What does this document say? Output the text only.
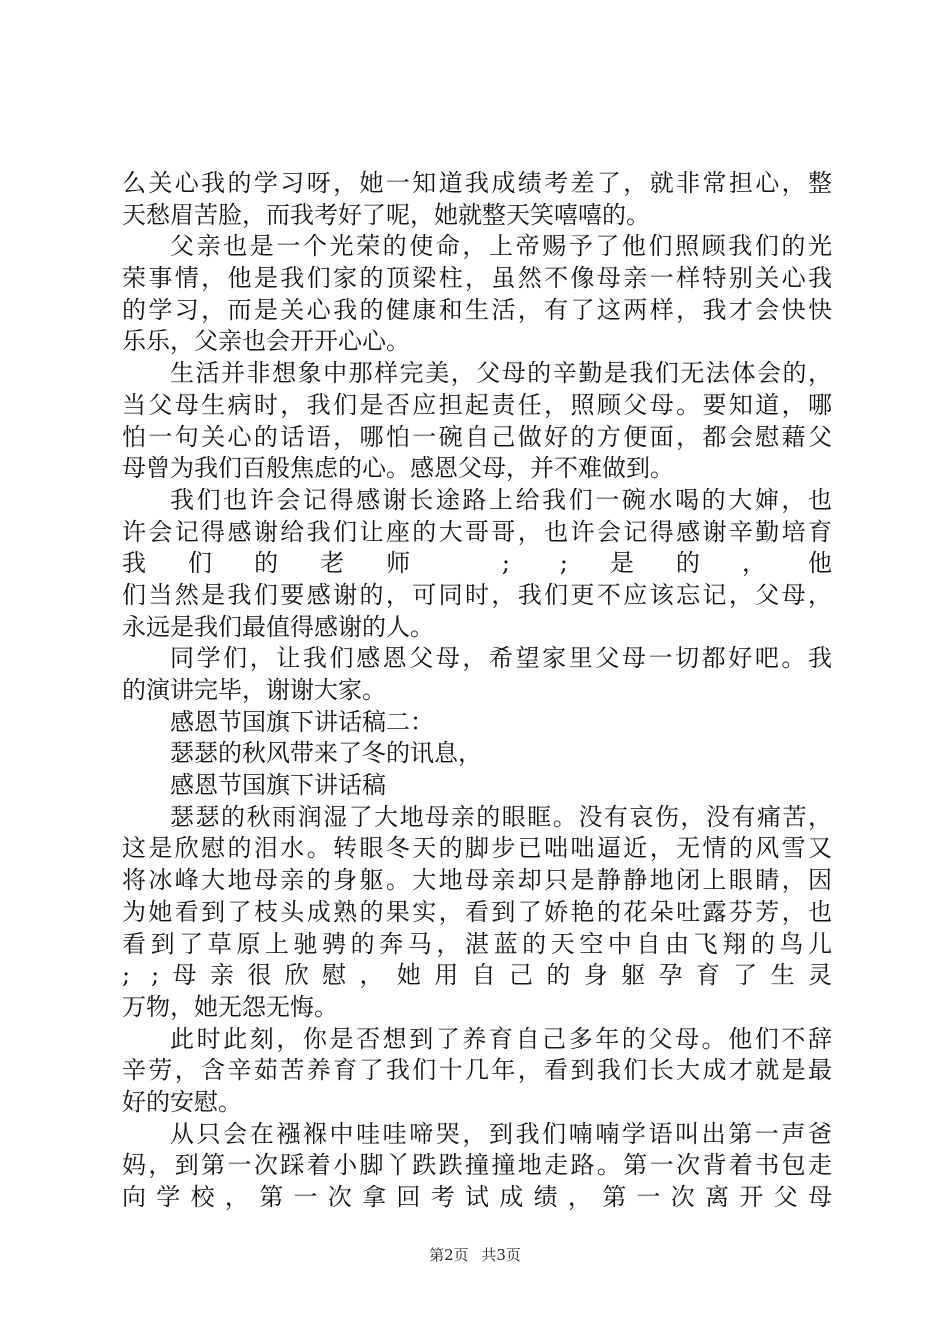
么关心我的学习呀，她一知道我成绩考差了，就非常担心，整
天愁眉苦脸，而我考好了呢，她就整天笑嘻嘻的。
父亲也是一个光荣的使命，上帝赐予了他们照顾我们的光
荣事情，他是我们家的顶梁柱，虽然不像母亲一样特别关心我
的学习，而是关心我的健康和生活，有了这两样，我才会快快
乐乐，父亲也会开开心心。
生活并非想象中那样完美，父母的辛勤是我们无法体会的，
当父母生病时，我们是否应担起责任，照顾父母。要知道，哪
怕一句关心的话语，哪怕一碗自己做好的方便面，都会慰藉父
母曾为我们百般焦虑的心。感恩父母，并不难做到。
我们也许会记得感谢长途路上给我们一碗水喝的大婶，也
许会记得感谢给我们让座的大哥哥，也许会记得感谢辛勤培育
我们的老师 ; ;是的，他
们当然是我们要感谢的，可同时，我们更不应该忘记，父母，
永远是我们最值得感谢的人。
同学们，让我们感恩父母，希望家里父母一切都好吧。我
的演讲完毕，谢谢大家。
感恩节国旗下讲话稿二：
瑟瑟的秋风带来了冬的讯息，
感恩节国旗下讲话稿
瑟瑟的秋雨润湿了大地母亲的眼眶。没有哀伤，没有痛苦，
这是欣慰的泪水。转眼冬天的脚步已咄咄逼近，无情的风雪又
将冰峰大地母亲的身躯。大地母亲却只是静静地闭上眼睛，因
为她看到了枝头成熟的果实，看到了娇艳的花朵吐露芬芳，也
看到了草原上驰骋的奔马，湛蓝的天空中自由飞翔的鸟儿
; ;母亲很欣慰，她用自己的身躯孕育了生灵
万物，她无怨无悔。
此时此刻，你是否想到了养育自己多年的父母。他们不辞
辛劳，含辛茹苦养育了我们十几年，看到我们长大成才就是最
好的安慰。
从只会在襁褓中哇哇啼哭，到我们喃喃学语叫出第一声爸
妈，到第一次踩着小脚丫跌跌撞撞地走路。第一次背着书包走
向 学 校 ， 第 一 次 拿 回 考 试 成 绩 ， 第 一 次 离 开 父 母
第2页 共3页
